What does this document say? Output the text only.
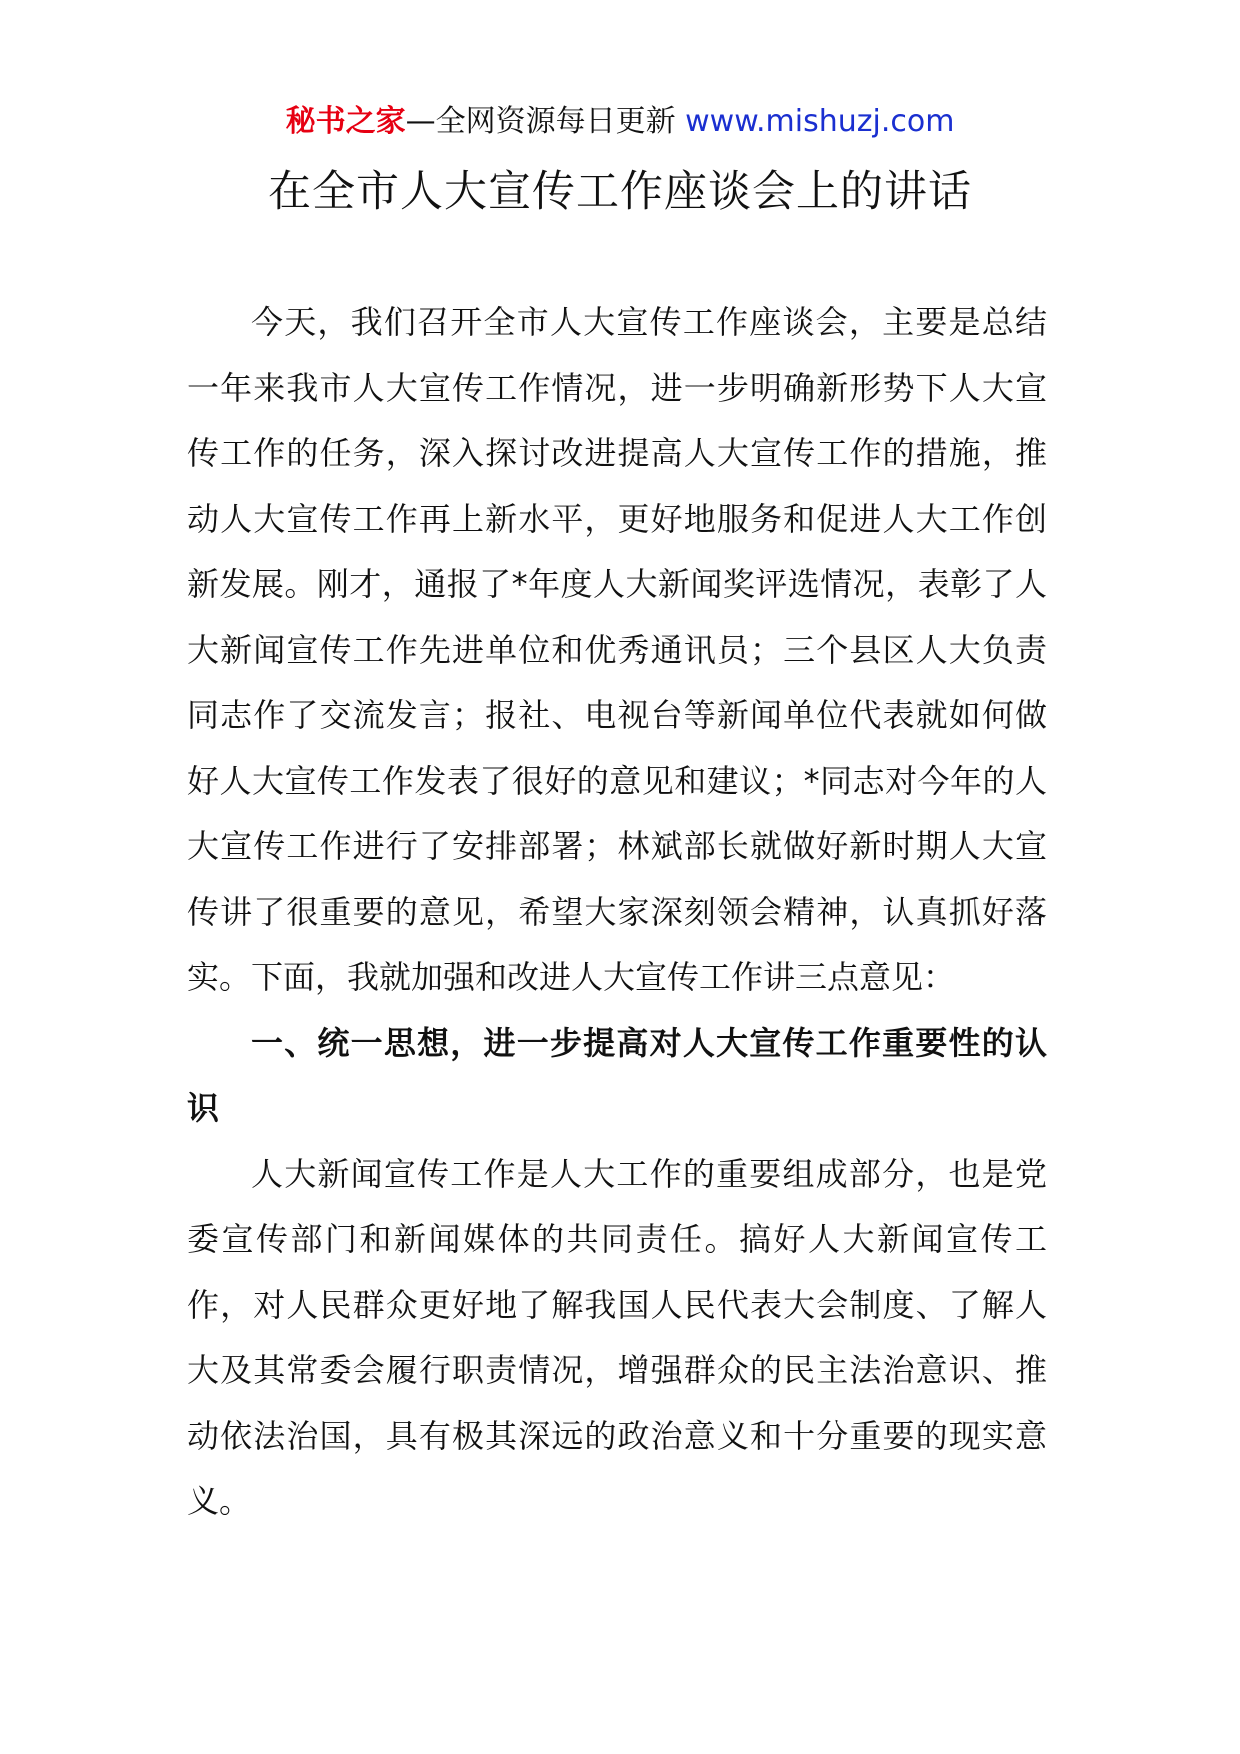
秘书之家—全网资源每日更新 www.mishuzj.com
在全市人大宣传工作座谈会上的讲话

今天，我们召开全市人大宣传工作座谈会，主要是总结一年来我市人大宣传工作情况，进一步明确新形势下人大宣传工作的任务，深入探讨改进提高人大宣传工作的措施，推动人大宣传工作再上新水平，更好地服务和促进人大工作创新发展。刚才，通报了*年度人大新闻奖评选情况，表彰了人大新闻宣传工作先进单位和优秀通讯员；三个县区人大负责同志作了交流发言；报社、电视台等新闻单位代表就如何做好人大宣传工作发表了很好的意见和建议；*同志对今年的人大宣传工作进行了安排部署；林斌部长就做好新时期人大宣传讲了很重要的意见，希望大家深刻领会精神，认真抓好落实。下面，我就加强和改进人大宣传工作讲三点意见：

一、统一思想，进一步提高对人大宣传工作重要性的认识

人大新闻宣传工作是人大工作的重要组成部分，也是党委宣传部门和新闻媒体的共同责任。搞好人大新闻宣传工作，对人民群众更好地了解我国人民代表大会制度、了解人大及其常委会履行职责情况，增强群众的民主法治意识、推动依法治国，具有极其深远的政治意义和十分重要的现实意义。
